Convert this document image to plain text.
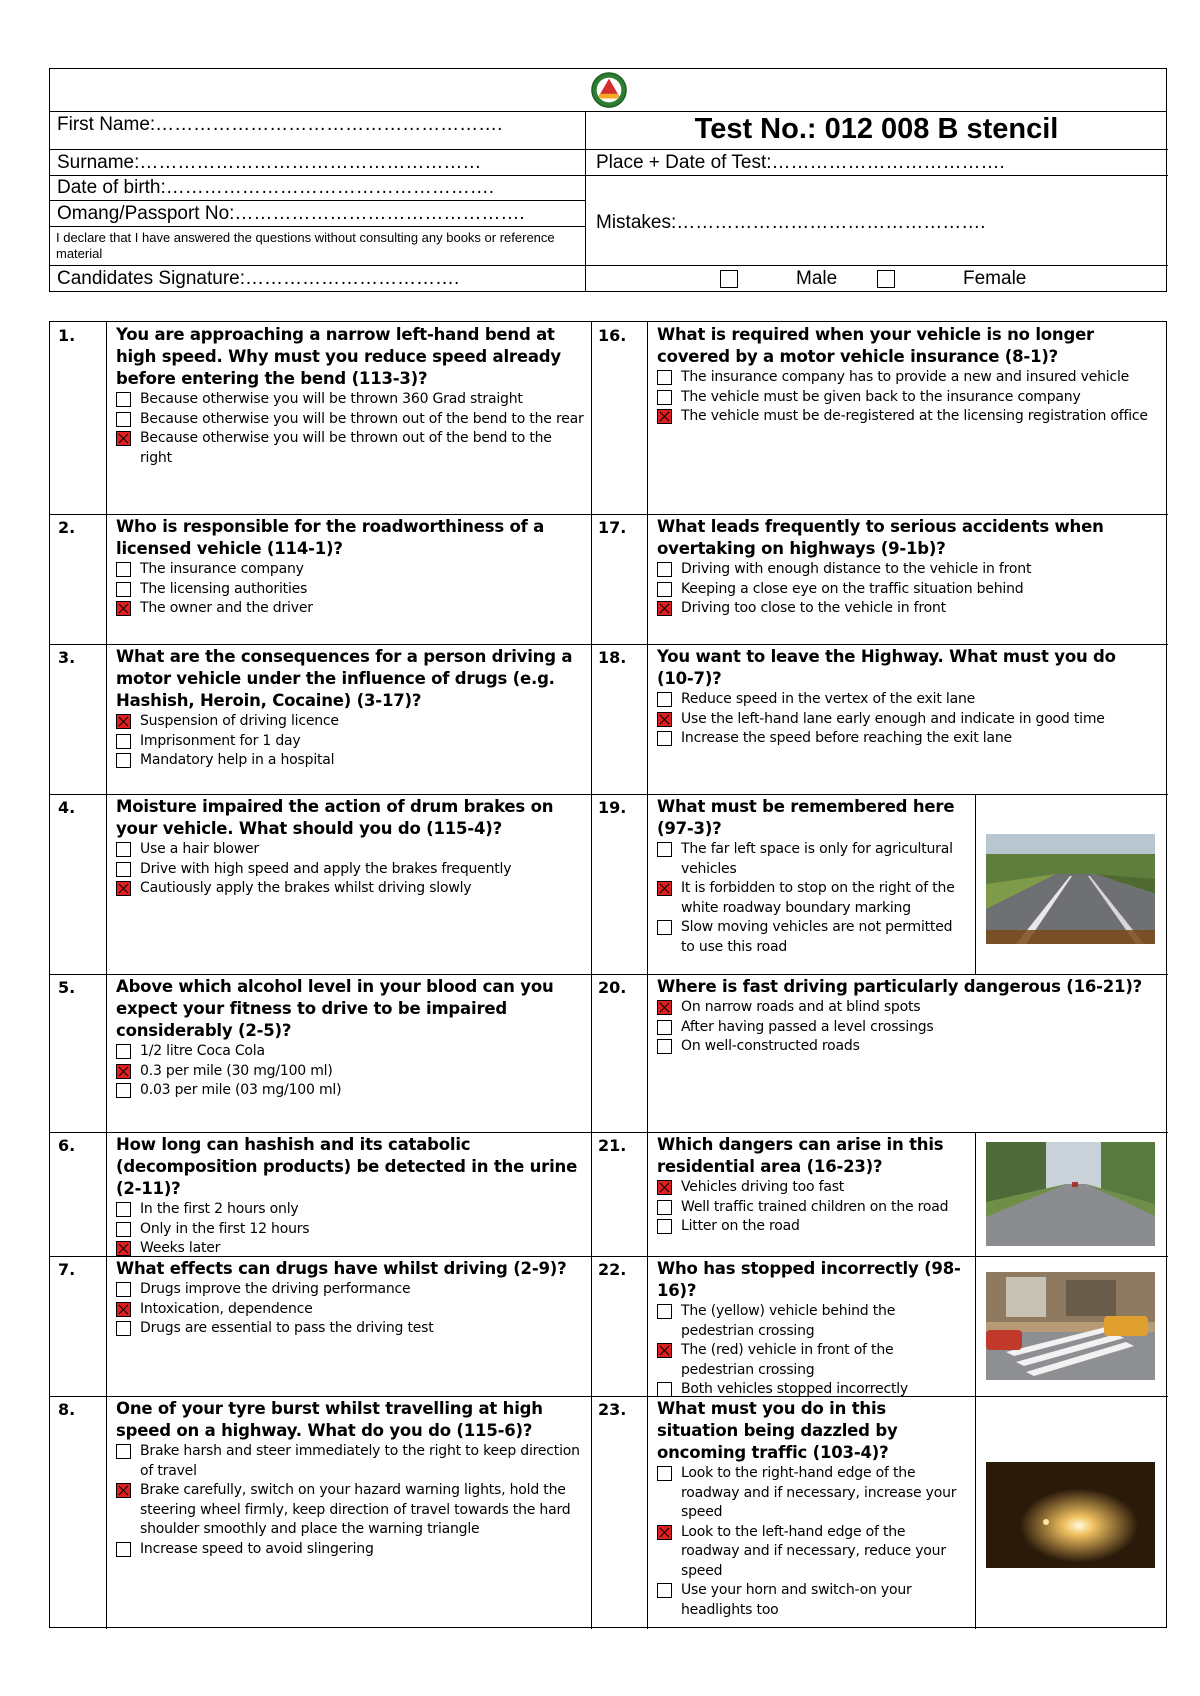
First Name:……………………………………………….
Surname:………………………………………………
Date of birth:…………………………………………….
Omang/Passport No:……………………………………….
I declare that I have answered the questions without consulting any books or reference material
Candidates Signature:…………………………….
Test No.: 012 008 B stencil
Place + Date of Test:……………………………….
Mistakes:………………………………………….
Male	Female
1. You are approaching a narrow left-hand bend at high speed. Why must you reduce speed already before entering the bend (113-3)?
Because otherwise you will be thrown 360 Grad straight
Because otherwise you will be thrown out of the bend to the rear
Because otherwise you will be thrown out of the bend to the right
2. Who is responsible for the roadworthiness of a licensed vehicle (114-1)?
The insurance company
The licensing authorities
The owner and the driver
3. What are the consequences for a person driving a motor vehicle under the influence of drugs (e.g. Hashish, Heroin, Cocaine) (3-17)?
Suspension of driving licence
Imprisonment for 1 day
Mandatory help in a hospital
4. Moisture impaired the action of drum brakes on your vehicle. What should you do (115-4)?
Use a hair blower
Drive with high speed and apply the brakes frequently
Cautiously apply the brakes whilst driving slowly
5. Above which alcohol level in your blood can you expect your fitness to drive to be impaired considerably (2-5)?
1/2 litre Coca Cola
0.3 per mile (30 mg/100 ml)
0.03 per mile (03 mg/100 ml)
6. How long can hashish and its catabolic (decomposition products) be detected in the urine (2-11)?
In the first 2 hours only
Only in the first 12 hours
Weeks later
7. What effects can drugs have whilst driving (2-9)?
Drugs improve the driving performance
Intoxication, dependence
Drugs are essential to pass the driving test
8. One of your tyre burst whilst travelling at high speed on a highway. What do you do (115-6)?
Brake harsh and steer immediately to the right to keep direction of travel
Brake carefully, switch on your hazard warning lights, hold the steering wheel firmly, keep direction of travel towards the hard shoulder smoothly and place the warning triangle
Increase speed to avoid slingering
16. What is required when your vehicle is no longer covered by a motor vehicle insurance (8-1)?
The insurance company has to provide a new and insured vehicle
The vehicle must be given back to the insurance company
The vehicle must be de-registered at the licensing registration office
17. What leads frequently to serious accidents when overtaking on highways (9-1b)?
Driving with enough distance to the vehicle in front
Keeping a close eye on the traffic situation behind
Driving too close to the vehicle in front
18. You want to leave the Highway. What must you do (10-7)?
Reduce speed in the vertex of the exit lane
Use the left-hand lane early enough and indicate in good time
Increase the speed before reaching the exit lane
19. What must be remembered here (97-3)?
The far left space is only for agricultural vehicles
It is forbidden to stop on the right of the white roadway boundary marking
Slow moving vehicles are not permitted to use this road
20. Where is fast driving particularly dangerous (16-21)?
On narrow roads and at blind spots
After having passed a level crossings
On well-constructed roads
21. Which dangers can arise in this residential area (16-23)?
Vehicles driving too fast
Well traffic trained children on the road
Litter on the road
22. Who has stopped incorrectly (98-16)?
The (yellow) vehicle behind the pedestrian crossing
The (red) vehicle in front of the pedestrian crossing
Both vehicles stopped incorrectly
23. What must you do in this situation being dazzled by oncoming traffic (103-4)?
Look to the right-hand edge of the roadway and if necessary, increase your speed
Look to the left-hand edge of the roadway and if necessary, reduce your speed
Use your horn and switch-on your headlights too
